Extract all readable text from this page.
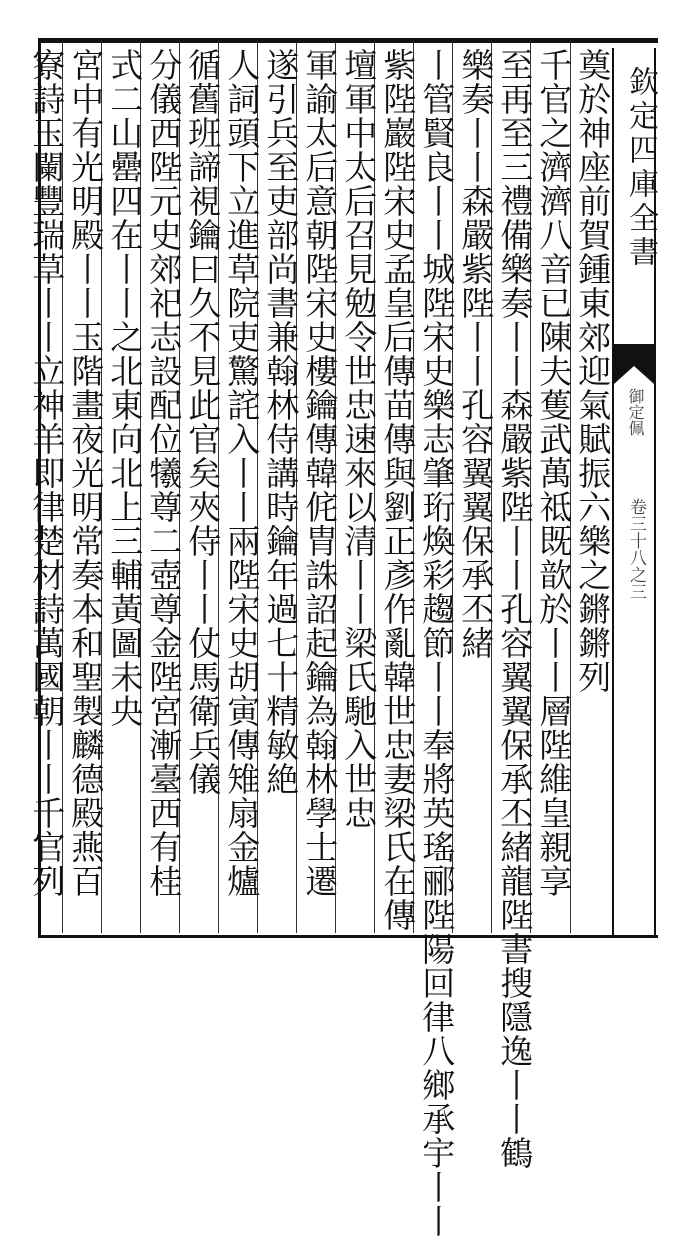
欽定四庫全書
御定佩
卷三十八之三
奠於神座前賀鍾東郊迎氣賦振六樂之鏘鏘列
千官之濟濟八音已陳夫蒦武萬祗既歆於丨丨層陛維皇親享
至再至三禮備樂奏丨丨森嚴紫陛丨丨孔容翼翼保承丕緒龍陛書搜隱逸丨丨鶴
樂奏丨丨森嚴紫陛丨丨孔容翼翼保承丕緒
丨管賢良丨丨城陛宋史樂志肇珩煥彩趨節丨丨奉將英瑤郦陛陽回律八鄉承宇丨丨
紫陛巖陛宋史孟皇后傳苗傳與劉正彥作亂韓世忠妻梁氏在傳
壇軍中太后召見勉令世忠速來以清丨丨梁氏馳入世忠
軍諭太后意朝陛宋史樓鑰傳韓侂胄誅詔起鑰為翰林學士遷
遂引兵至吏部尚書兼翰林侍講時鑰年過七十精敏絶
人詞頭下立進草院吏驚詫入丨丨兩陛宋史胡寅傳雉扇金爐
循舊班諦視鑰曰久不見此官矣夾侍丨丨仗馬衛兵儀
分儀西陛元史郊祀志設配位犧尊二壺尊金陛宮漸臺西有桂
式二山罍四在丨丨之北東向北上三輔黃圖未央
宮中有光明殿丨丨玉階畫夜光明常奏本和聖製麟德殿燕百
寮詩玉闌豐瑞草丨丨立神羊即律楚材詩萬國朝丨丨千官列
